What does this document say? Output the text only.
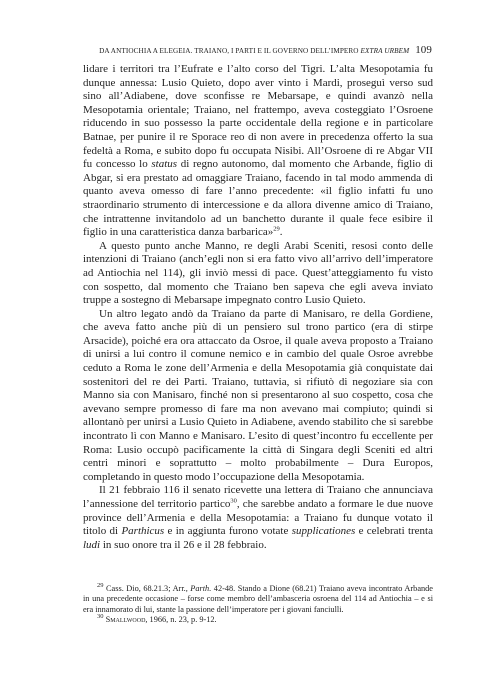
DA ANTIOCHIA A ELEGEIA. TRAIANO, I PARTI E IL GOVERNO DELL’IMPERO EXTRA URBEM 109

lidare i territori tra l’Eufrate e l’alto corso del Tigri. L’alta Mesopotamia fu dunque annessa: Lusio Quieto, dopo aver vinto i Mardi, proseguì verso sud sino all’Adiabene, dove sconfisse re Mebarsape, e quindi avanzò nella Mesopotamia orientale; Traiano, nel frattempo, aveva costeggiato l’Osroene riducendo in suo possesso la parte occidentale della regione e in particolare Batnae, per punire il re Sporace reo di non avere in precedenza offerto la sua fedeltà a Roma, e subito dopo fu occupata Nisibi. All’Osroene di re Abgar VII fu concesso lo status di regno autonomo, dal momento che Arbande, figlio di Abgar, si era prestato ad omaggiare Traiano, facendo in tal modo ammenda di quanto aveva omesso di fare l’anno precedente: «il figlio infatti fu uno straordinario strumento di intercessione e da allora divenne amico di Traiano, che intrattenne invitandolo ad un banchetto durante il quale fece esibire il figlio in una caratteristica danza barbarica»$^{29}$.

A questo punto anche Manno, re degli Arabi Sceniti, resosi conto delle intenzioni di Traiano (anch’egli non si era fatto vivo all’arrivo dell’imperatore ad Antiochia nel 114), gli inviò messi di pace. Quest’atteggiamento fu visto con sospetto, dal momento che Traiano ben sapeva che egli aveva inviato truppe a sostegno di Mebarsape impegnato contro Lusio Quieto.

Un altro legato andò da Traiano da parte di Manisaro, re della Gordiene, che aveva fatto anche più di un pensiero sul trono partico (era di stirpe Arsacide), poiché era ora attaccato da Osroe, il quale aveva proposto a Traiano di unirsi a lui contro il comune nemico e in cambio del quale Osroe avrebbe ceduto a Roma le zone dell’Armenia e della Mesopotamia già conquistate dai sostenitori del re dei Parti. Traiano, tuttavia, si rifiutò di negoziare sia con Manno sia con Manisaro, finché non si presentarono al suo cospetto, cosa che avevano sempre promesso di fare ma non avevano mai compiuto; quindi si allontanò per unirsi a Lusio Quieto in Adiabene, avendo stabilito che si sarebbe incontrato lì con Manno e Manisaro. L’esito di quest’incontro fu eccellente per Roma: Lusio occupò pacificamente la città di Singara degli Sceniti ed altri centri minori e soprattutto – molto probabilmente – Dura Europos, completando in questo modo l’occupazione della Mesopotamia.

Il 21 febbraio 116 il senato ricevette una lettera di Traiano che annunciava l’annessione del territorio partico$^{30}$, che sarebbe andato a formare le due nuove province dell’Armenia e della Mesopotamia: a Traiano fu dunque votato il titolo di Parthicus e in aggiunta furono votate supplicationes e celebrati trenta ludi in suo onore tra il 26 e il 28 febbraio.

$^{29}$ Cass. Dio, 68.21.3; Arr., Parth. 42-48. Stando a Dione (68.21) Traiano aveva incontrato Arbande in una precedente occasione – forse come membro dell’ambasceria osroena del 114 ad Antiochia – e si era innamorato di lui, stante la passione dell’imperatore per i giovani fanciulli.

$^{30}$ Smallwood, 1966, n. 23, p. 9-12.
